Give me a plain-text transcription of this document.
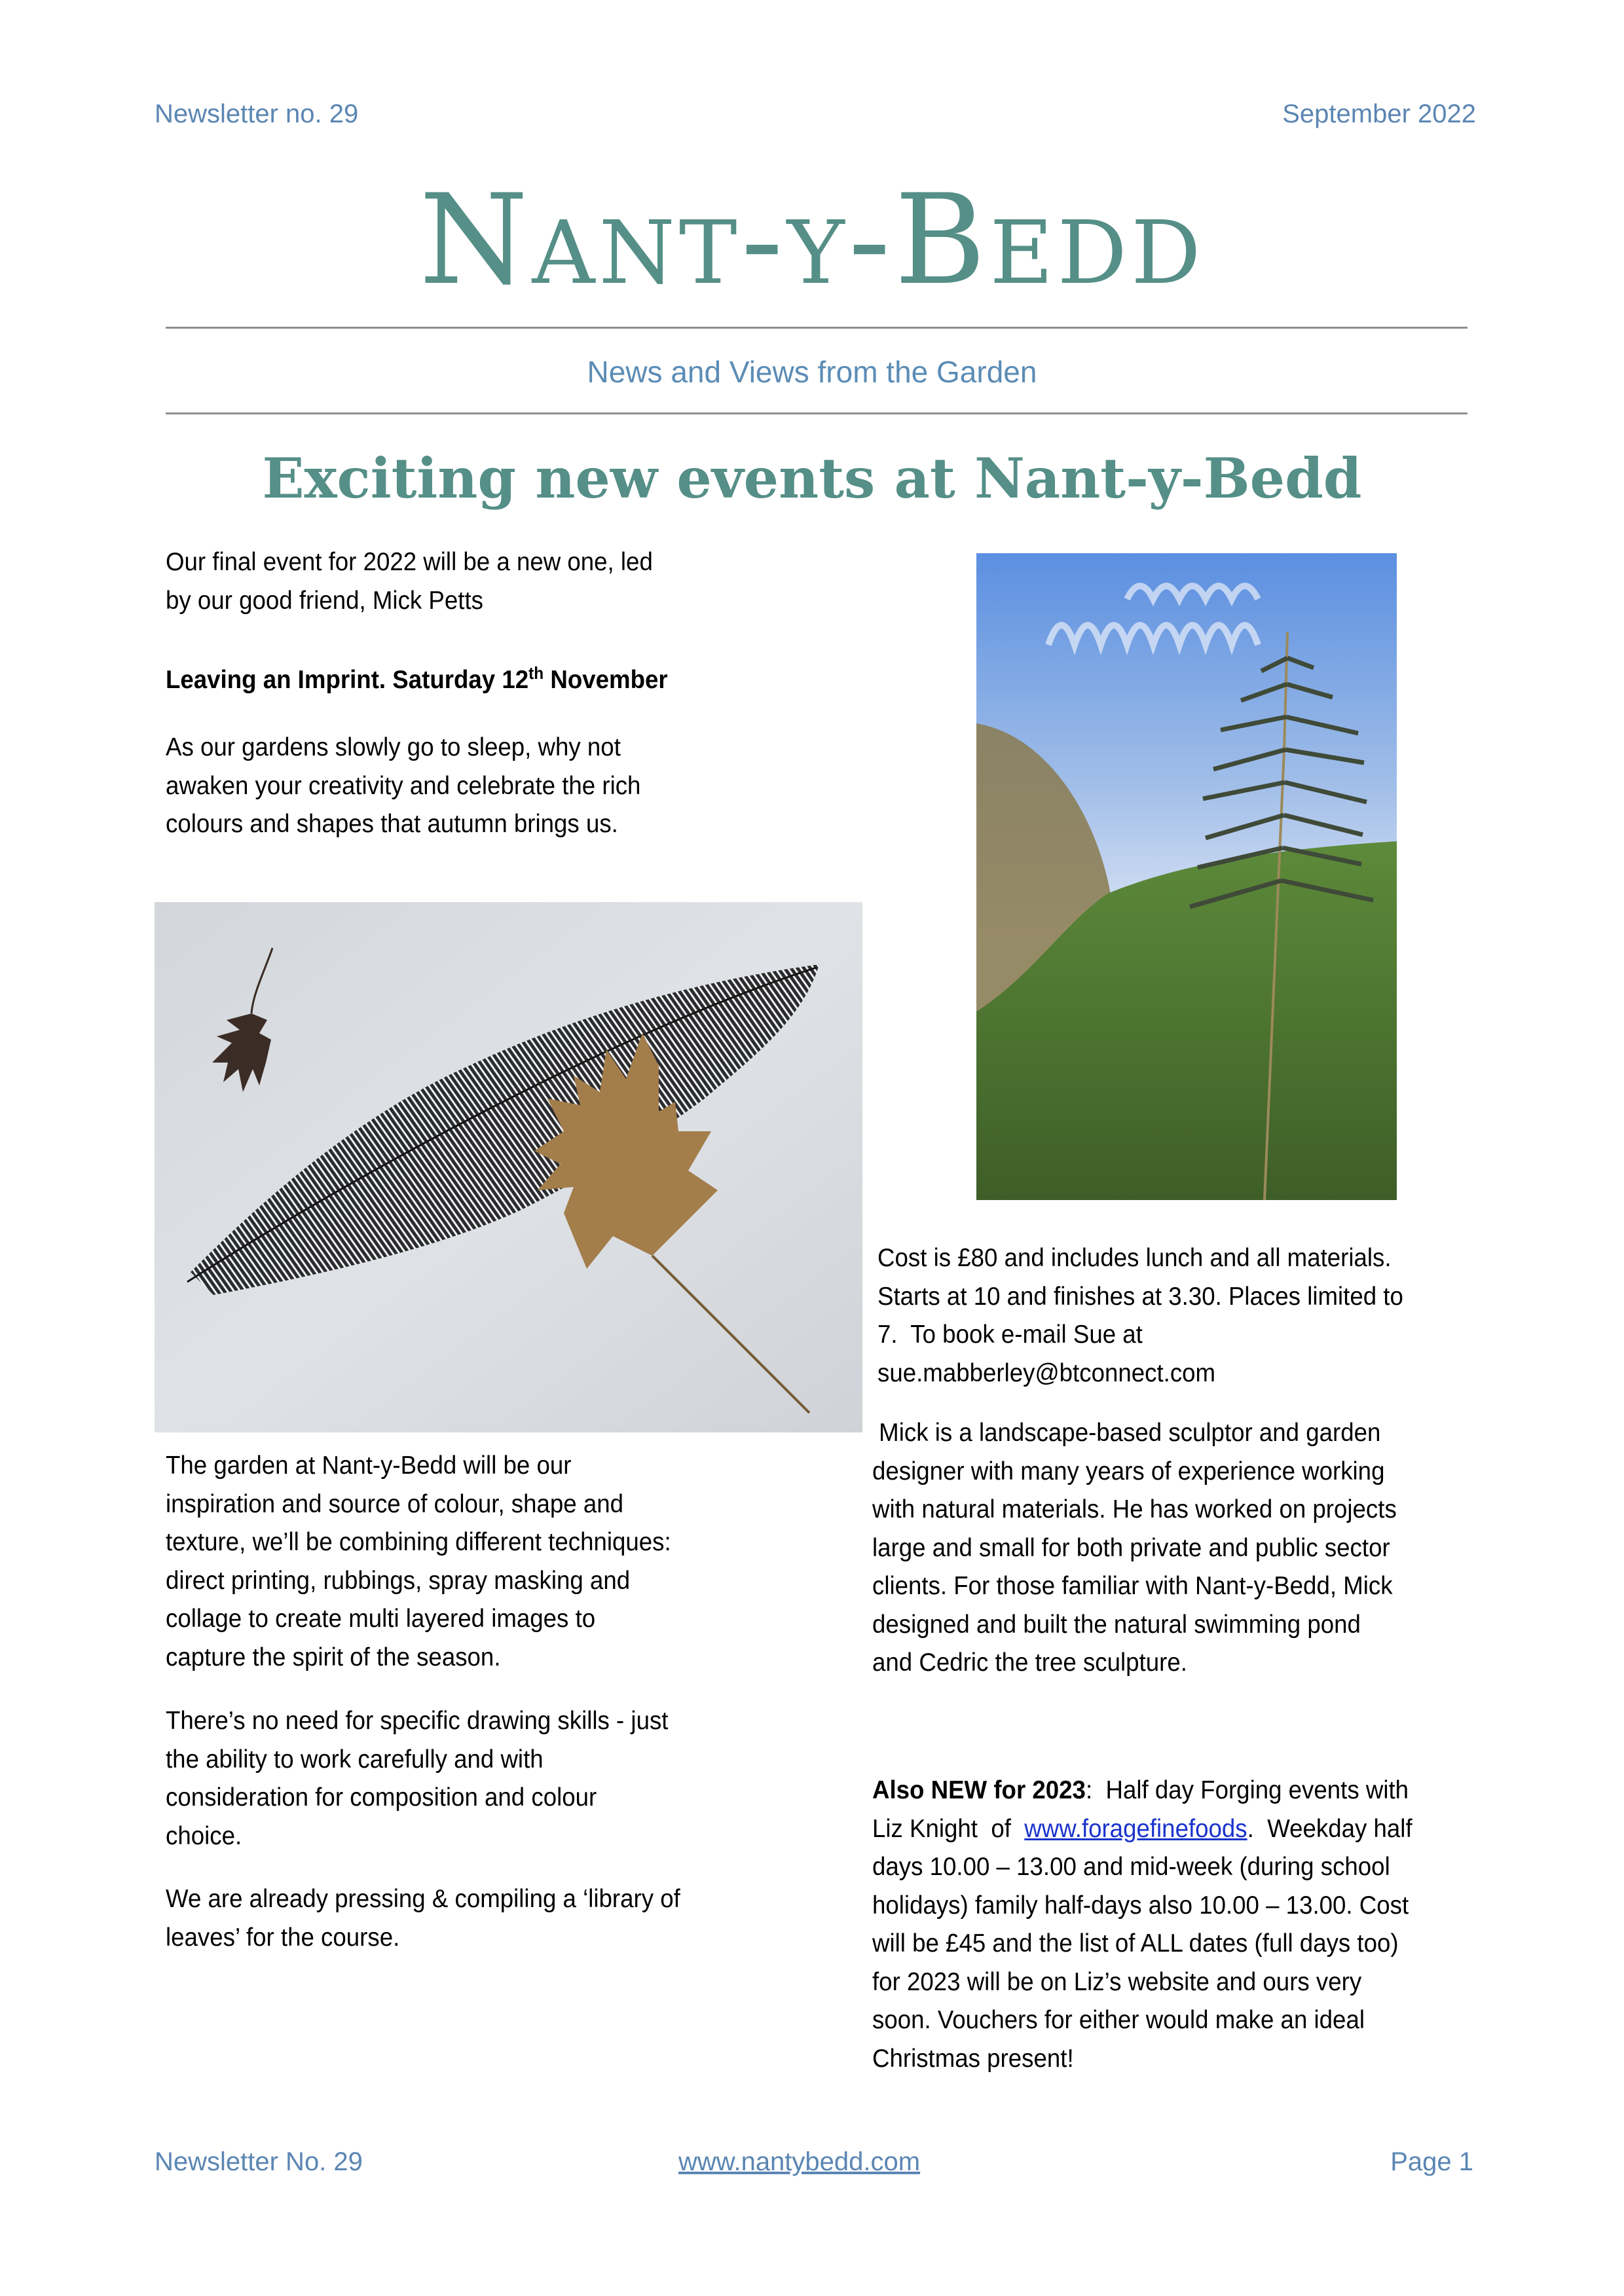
Newsletter no. 29	September 2022
Nant-y-Bedd
News and Views from the Garden
Exciting new events at Nant-y-Bedd

Our final event for 2022 will be a new one, led

by our good friend, Mick Petts

Leaving an Imprint. Saturday 12th November

As our gardens slowly go to sleep, why not

awaken your creativity and celebrate the rich

colours and shapes that autumn brings us.

The garden at Nant-y-Bedd will be our

inspiration and source of colour, shape and

texture, we’ll be combining different techniques:

direct printing, rubbings, spray masking and

collage to create multi layered images to

capture the spirit of the season.

There’s no need for specific drawing skills - just

the ability to work carefully and with

consideration for composition and colour

choice.

We are already pressing & compiling a ‘library of

leaves’ for the course.

Cost is £80 and includes lunch and all materials.

Starts at 10 and finishes at 3.30. Places limited to

7.  To book e-mail Sue at

sue.mabberley@btconnect.com

Mick is a landscape-based sculptor and garden

designer with many years of experience working

with natural materials. He has worked on projects

large and small for both private and public sector

clients. For those familiar with Nant-y-Bedd, Mick

designed and built the natural swimming pond

and Cedric the tree sculpture.

Also NEW for 2023:  Half day Forging events with

Liz Knight  of  www.foragefinefoods.  Weekday half

days 10.00 – 13.00 and mid-week (during school

holidays) family half-days also 10.00 – 13.00. Cost

will be £45 and the list of ALL dates (full days too)

for 2023 will be on Liz’s website and ours very

soon. Vouchers for either would make an ideal

Christmas present!

Newsletter No. 29	www.nantybedd.com	Page 1
